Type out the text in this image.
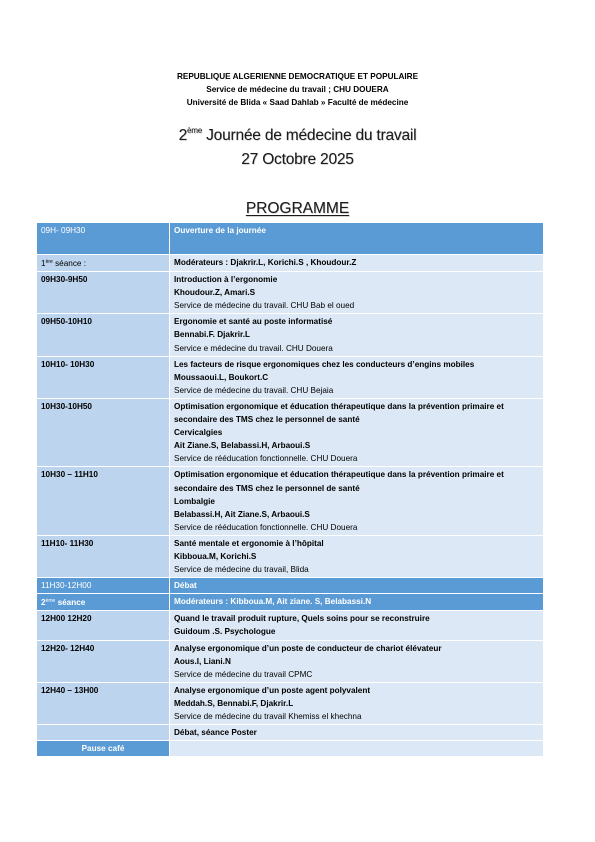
REPUBLIQUE ALGERIENNE DEMOCRATIQUE ET POPULAIRE
Service de médecine du travail ; CHU DOUERA
Université de Blida « Saad Dahlab » Faculté de médecine
2ème Journée de médecine du travail
27 Octobre 2025
PROGRAMME
09H- 09H30	Ouverture de la journée

1ère séance :	Modérateurs : Djakrir.L, Korichi.S , Khoudour.Z

09H30-9H50	Introduction à l’ergonomie
Khoudour.Z, Amari.S
Service de médecine du travail. CHU Bab el oued

09H50-10H10	Ergonomie et santé au poste informatisé
Bennabi.F. Djakrir.L
Service e médecine du travail. CHU Douera

10H10- 10H30	Les facteurs de risque ergonomiques chez les conducteurs d’engins mobiles
Moussaoui.L, Boukort.C
Service de médecine du travail. CHU Bejaia

10H30-10H50	Optimisation ergonomique et éducation thérapeutique dans la prévention primaire et secondaire des TMS chez le personnel de santé
Cervicalgies
Ait Ziane.S, Belabassi.H, Arbaoui.S
Service de rééducation fonctionnelle. CHU Douera

10H30 – 11H10	Optimisation ergonomique et éducation thérapeutique dans la prévention primaire et secondaire des TMS chez le personnel de santé
Lombalgie
Belabassi.H, Ait Ziane.S, Arbaoui.S
Service de rééducation fonctionnelle. CHU Douera

11H10- 11H30	Santé mentale et ergonomie à l’hôpital
Kibboua.M, Korichi.S
Service de médecine du travail, Blida

11H30-12H00	Débat

2ème séance	Modérateurs : Kibboua.M, Ait ziane. S, Belabassi.N

12H00 12H20	Quand le travail produit rupture, Quels soins pour se reconstruire
Guidoum .S. Psychologue

12H20- 12H40	Analyse ergonomique d’un poste de conducteur de chariot élévateur
Aous.I, Liani.N
Service de médecine du travail CPMC

12H40 – 13H00	Analyse ergonomique d’un poste agent polyvalent
Meddah.S, Bennabi.F, Djakrir.L
Service de médecine du travail Khemiss el khechna

	Débat, séance Poster

Pause café	
